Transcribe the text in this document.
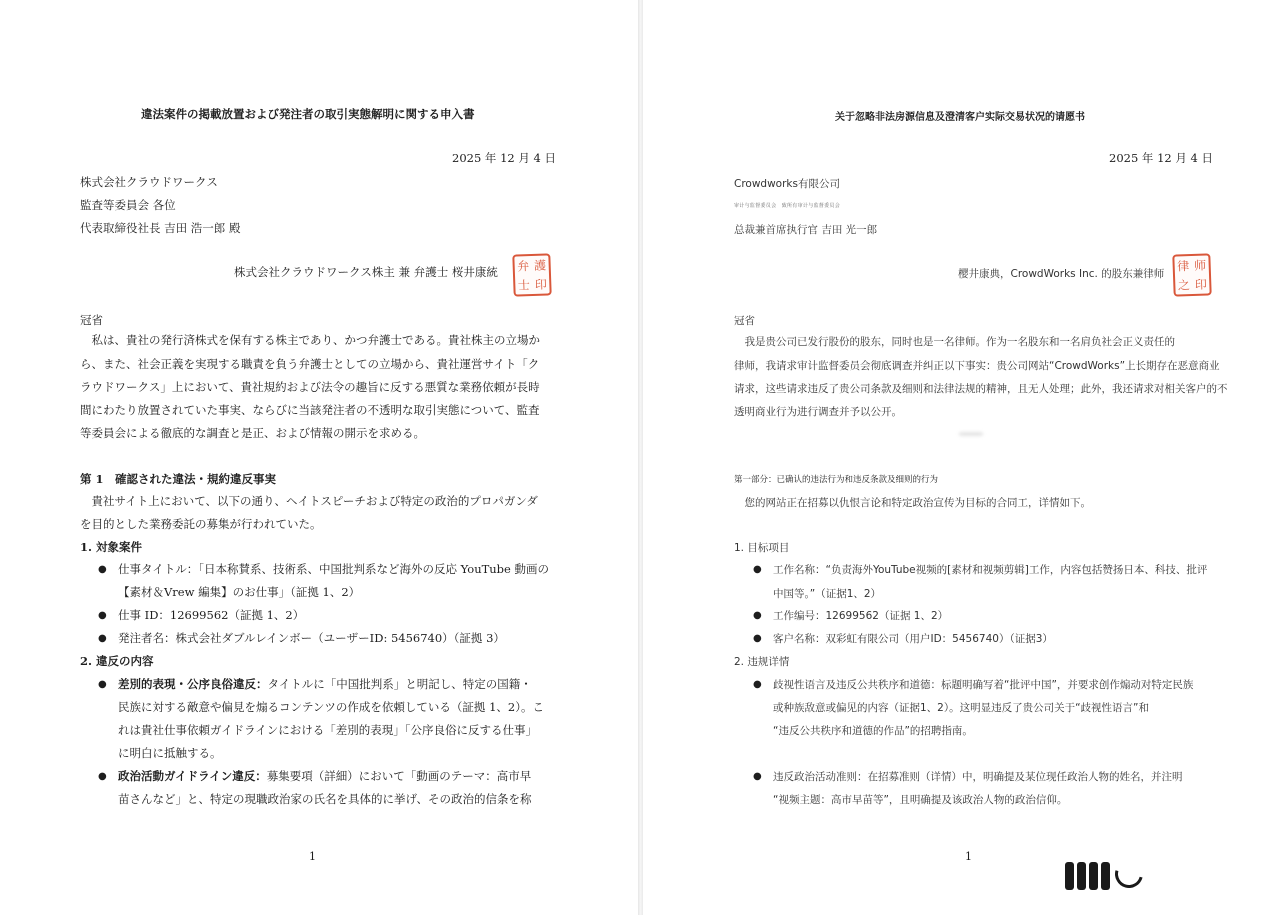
違法案件の掲載放置および発注者の取引実態解明に関する申入書
2025 年 12 月 4 日
株式会社クラウドワークス
監査等委員会 各位
代表取締役社長 吉田 浩一郎 殿
株式会社クラウドワークス株主 兼 弁護士 桜井康統 弁 護
士 印
冠省
　私は、貴社の発行済株式を保有する株主であり、かつ弁護士である。貴社株主の立場か
ら、また、社会正義を実現する職責を負う弁護士としての立場から、貴社運営サイト「ク
ラウドワークス」上において、貴社規約および法令の趣旨に反する悪質な業務依頼が長時
間にわたり放置されていた事実、ならびに当該発注者の不透明な取引実態について、監査
等委員会による徹底的な調査と是正、および情報の開示を求める。
第 1　確認された違法・規約違反事実
　貴社サイト上において、以下の通り、ヘイトスピーチおよび特定の政治的プロパガンダ
を目的とした業務委託の募集が行われていた。
1. 対象案件
● 仕事タイトル：「日本称賛系、技術系、中国批判系など海外の反応 YouTube 動画の
【素材＆Vrew 編集】のお仕事」（証拠 1、2）
● 仕事 ID：12699562（証拠 1、2）
● 発注者名：株式会社ダブルレインボー（ユーザーID: 5456740）（証拠 3）
2. 違反の内容
● 差別的表現・公序良俗違反：タイトルに「中国批判系」と明記し、特定の国籍・
民族に対する敵意や偏見を煽るコンテンツの作成を依頼している（証拠 1、2）。こ
れは貴社仕事依頼ガイドラインにおける「差別的表現」「公序良俗に反する仕事」
に明白に抵触する。
● 政治活動ガイドライン違反：募集要項（詳細）において「動画のテーマ：高市早
苗さんなど」と、特定の現職政治家の氏名を具体的に挙げ、その政治的信条を称
1
关于忽略非法房源信息及澄清客户实际交易状况的请愿书
2025 年 12 月 4 日
Crowdworks有限公司
审计与监督委员会　致所有审计与监督委员会
总裁兼首席执行官 吉田 光一郎
樱井康典，CrowdWorks Inc. 的股东兼律师
律 师
之 印
冠省
　我是贵公司已发行股份的股东，同时也是一名律师。作为一名股东和一名肩负社会正义责任的
律师，我请求审计监督委员会彻底调查并纠正以下事实：贵公司网站“CrowdWorks”上长期存在恶意商业
请求，这些请求违反了贵公司条款及细则和法律法规的精神，且无人处理；此外，我还请求对相关客户的不
透明商业行为进行调查并予以公开。
第一部分：已确认的违法行为和违反条款及细则的行为
　您的网站正在招募以仇恨言论和特定政治宣传为目标的合同工，详情如下。
1. 目标项目
● 工作名称：“负责海外YouTube视频的[素材和视频剪辑]工作，内容包括赞扬日本、科技、批评
中国等。”（证据1、2）
● 工作编号：12699562（证据 1、2）
● 客户名称：双彩虹有限公司（用户ID：5456740）（证据3）
2. 违规详情
● 歧视性语言及违反公共秩序和道德：标题明确写着“批评中国”，并要求创作煽动对特定民族
或种族敌意或偏见的内容（证据1、2）。这明显违反了贵公司关于“歧视性语言”和
“违反公共秩序和道德的作品”的招聘指南。
● 违反政治活动准则：在招募准则（详情）中，明确提及某位现任政治人物的姓名，并注明
“视频主题：高市早苗等”，且明确提及该政治人物的政治信仰。
1
